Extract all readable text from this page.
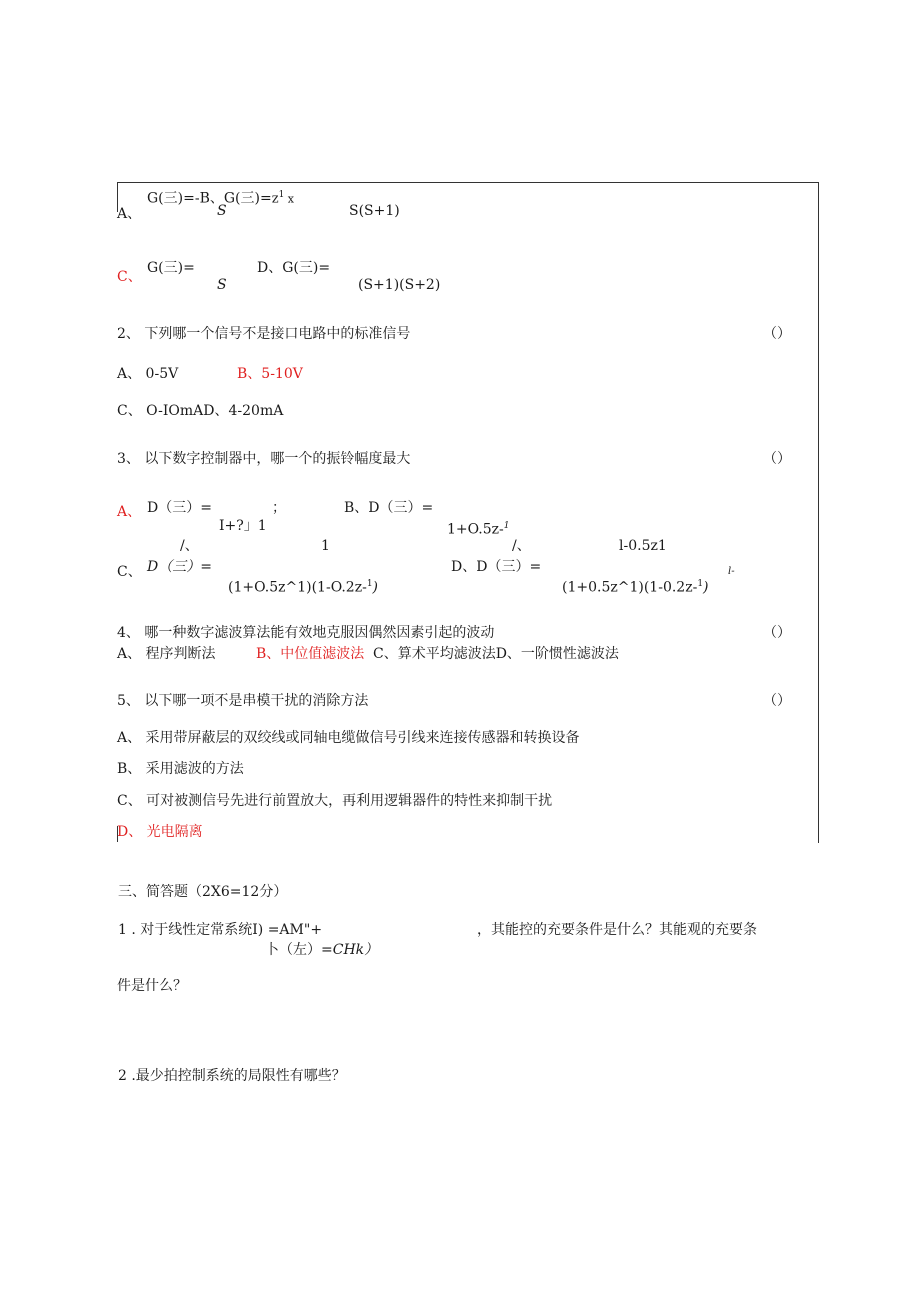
G(三)=-B、G(三)$=z^1$ x
A、	S	S(S+1)
C、
G(三)=	D、G(三)=
S	(S+1)(S+2)
2、 下列哪一个信号不是接口电路中的标准信号	（）
A、 0-5V	B、5-10V
C、 O-IOmAD、4-20mA
3、 以下数字控制器中，哪一个的振铃幅度最大	（）
A、 D（三）=	；	B、D（三）=
I+?」1	1+O.5z-$^1$
/、	1	/、	l-0.5z1
C、 D（三）=	D、D（三）=
(1+O.5z^1)(1-O.2z-$^1$)	(1+0.5z^1)(1-0.2z-$^1$)
l-
4、 哪一种数字滤波算法能有效地克服因偶然因素引起的波动	（）
A、 程序判断法	B、中位值滤波法 C、算术平均滤波法D、一阶惯性滤波法
5、 以下哪一项不是串模干扰的消除方法	（）
A、 采用带屏蔽层的双绞线或同轴电缆做信号引线来连接传感器和转换设备
B、 采用滤波的方法
C、 可对被测信号先进行前置放大，再利用逻辑器件的特性来抑制干扰
D、 光电隔离
三、简答题（2X6=12分）
1 . 对于线性定常系统I) =AM"+	，其能控的充要条件是什么？其能观的充要条
卜（左）=CHk）
件是什么？
2 .最少拍控制系统的局限性有哪些？
